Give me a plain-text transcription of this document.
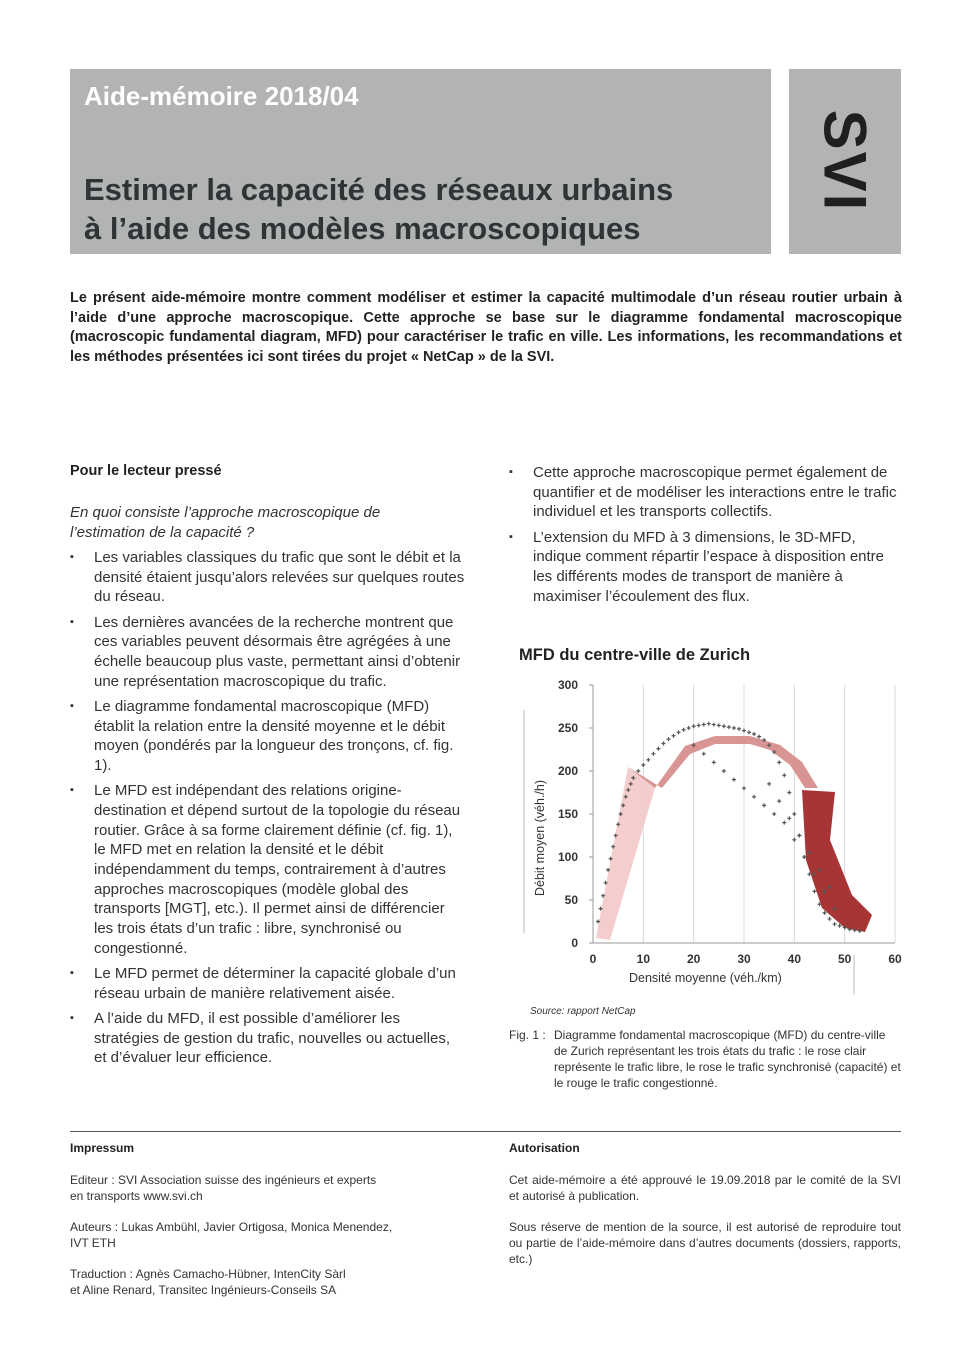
Aide-mémoire 2018/04
Estimer la capacité des réseaux urbains
à l’aide des modèles macroscopiques
SVI
Le présent aide-mémoire montre comment modéliser et estimer la capacité multimodale d’un réseau routier urbain à l’aide d’une approche macroscopique. Cette approche se base sur le diagramme fondamental macroscopique (macroscopic fundamental diagram, MFD) pour caractériser le trafic en ville. Les informations, les recommandations et les méthodes présentées ici sont tirées du projet « NetCap » de la SVI.
Pour le lecteur pressé
En quoi consiste l’approche macroscopique de l’estimation de la capacité ?
▪ Les variables classiques du trafic que sont le débit et la densité étaient jusqu’alors relevées sur quelques routes du réseau.
▪ Les dernières avancées de la recherche montrent que ces variables peuvent désormais être agrégées à une échelle beaucoup plus vaste, permettant ainsi d’obtenir une représentation macroscopique du trafic.
▪ Le diagramme fondamental macroscopique (MFD) établit la relation entre la densité moyenne et le débit moyen (pondérés par la longueur des tronçons, cf. fig. 1).
▪ Le MFD est indépendant des relations origine-destination et dépend surtout de la topologie du réseau routier. Grâce à sa forme clairement définie (cf. fig. 1), le MFD met en relation la densité et le débit indépendamment du temps, contrairement à d’autres approches macroscopiques (modèle global des transports [MGT], etc.). Il permet ainsi de différencier les trois états d’un trafic : libre, synchronisé ou congestionné.
▪ Le MFD permet de déterminer la capacité globale d’un réseau urbain de manière relativement aisée.
▪ A l’aide du MFD, il est possible d’améliorer les stratégies de gestion du trafic, nouvelles ou actuelles, et d’évaluer leur efficience.
▪ Cette approche macroscopique permet également de quantifier et de modéliser les interactions entre le trafic individuel et les transports collectifs.
▪ L’extension du MFD à 3 dimensions, le 3D-MFD, indique comment répartir l’espace à disposition entre les différents modes de transport de manière à maximiser l’écoulement des flux.
MFD du centre-ville de Zurich
0	10	20	30	40	50	60
0
50
100
150
200
250
300
Densité moyenne (véh./km)
Débit moyen (véh./h)
Source: rapport NetCap
Fig. 1 : Diagramme fondamental macroscopique (MFD) du centre-ville de Zurich représentant les trois états du trafic : le rose clair représente le trafic libre, le rose le trafic synchronisé (capacité) et le rouge le trafic congestionné.
Impressum
Editeur : SVI Association suisse des ingénieurs et experts
en transports www.svi.ch
Auteurs : Lukas Ambühl, Javier Ortigosa, Monica Menendez,
IVT ETH
Traduction : Agnès Camacho-Hübner, IntenCity Sàrl
et Aline Renard, Transitec Ingénieurs-Conseils SA
Autorisation
Cet aide-mémoire a été approuvé le 19.09.2018 par le comité de la SVI et autorisé à publication.
Sous réserve de mention de la source, il est autorisé de reproduire tout ou partie de l’aide-mémoire dans d’autres documents (dossiers, rapports, etc.)
